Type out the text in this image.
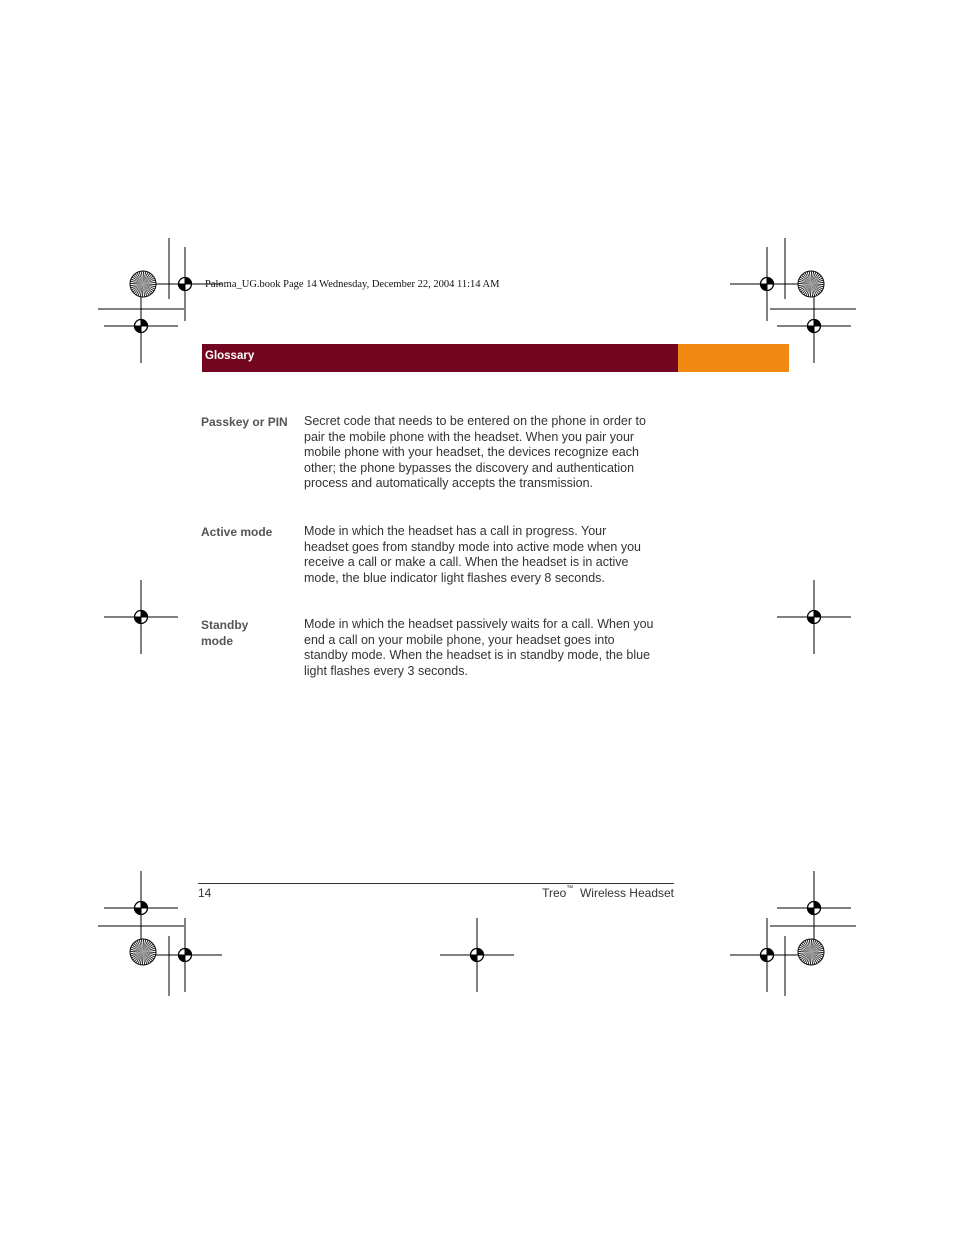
Paloma_UG.book Page 14 Wednesday, December 22, 2004 11:14 AM
Glossary
Passkey or PIN Secret code that needs to be entered on the phone in order to pair the mobile phone with the headset. When you pair your mobile phone with your headset, the devices recognize each other; the phone bypasses the discovery and authentication process and automatically accepts the transmission.
Active mode	Mode in which the headset has a call in progress. Your headset goes from standby mode into active mode when you receive a call or make a call. When the headset is in active mode, the blue indicator light flashes every 8 seconds.
Standby mode
Mode in which the headset passively waits for a call. When you end a call on your mobile phone, your headset goes into standby mode. When the headset is in standby mode, the blue light flashes every 3 seconds.
14	Treo™ Wireless Headset
